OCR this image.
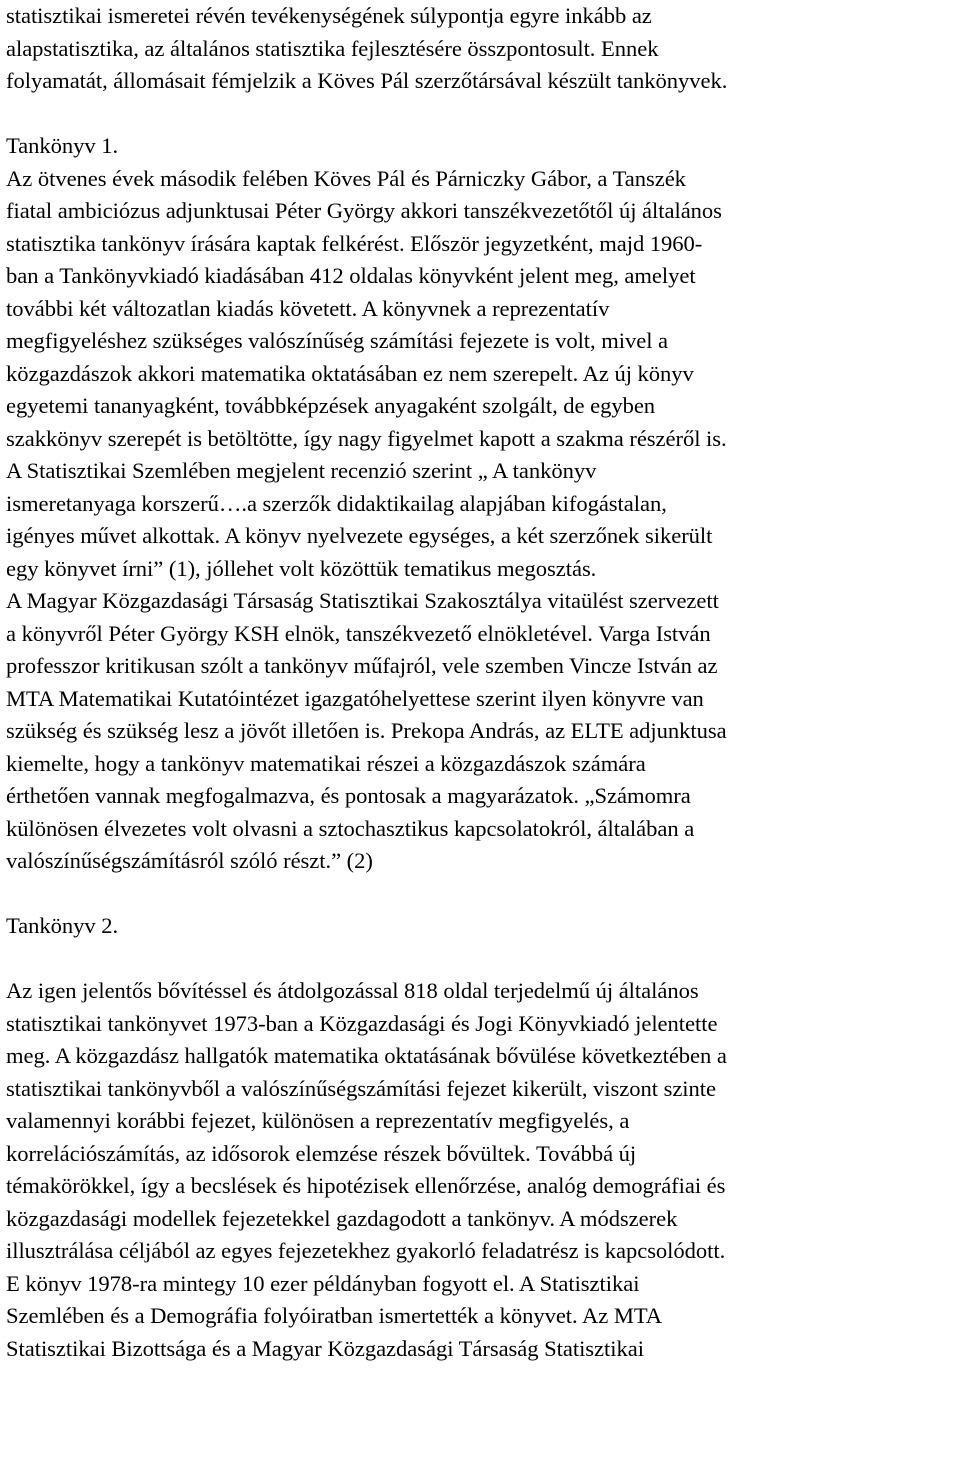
statisztikai ismeretei révén tevékenységének súlypontja egyre inkább az
alapstatisztika, az általános statisztika fejlesztésére összpontosult. Ennek
folyamatát, állomásait fémjelzik a Köves Pál szerzőtársával készült tankönyvek.
Tankönyv 1.
Az ötvenes évek második felében Köves Pál és Párniczky Gábor, a Tanszék
fiatal ambiciózus adjunktusai Péter György akkori tanszékvezetőtől új általános
statisztika tankönyv írására kaptak felkérést. Először jegyzetként, majd 1960-
ban a Tankönyvkiadó kiadásában 412 oldalas könyvként jelent meg, amelyet
további két változatlan kiadás követett. A könyvnek a reprezentatív
megfigyeléshez szükséges valószínűség számítási fejezete is volt, mivel a
közgazdászok akkori matematika oktatásában ez nem szerepelt. Az új könyv
egyetemi tananyagként, továbbképzések anyagaként szolgált, de egyben
szakkönyv szerepét is betöltötte, így nagy figyelmet kapott a szakma részéről is.
A Statisztikai Szemlében megjelent recenzió szerint „ A tankönyv
ismeretanyaga korszerű….a szerzők didaktikailag alapjában kifogástalan,
igényes művet alkottak. A könyv nyelvezete egységes, a két szerzőnek sikerült
egy könyvet írni” (1), jóllehet volt közöttük tematikus megosztás.
A Magyar Közgazdasági Társaság Statisztikai Szakosztálya vitaülést szervezett
a könyvről Péter György KSH elnök, tanszékvezető elnökletével. Varga István
professzor kritikusan szólt a tankönyv műfajról, vele szemben Vincze István az
MTA Matematikai Kutatóintézet igazgatóhelyettese szerint ilyen könyvre van
szükség és szükség lesz a jövőt illetően is. Prekopa András, az ELTE adjunktusa
kiemelte, hogy a tankönyv matematikai részei a közgazdászok számára
érthetően vannak megfogalmazva, és pontosak a magyarázatok. „Számomra
különösen élvezetes volt olvasni a sztochasztikus kapcsolatokról, általában a
valószínűségszámításról szóló részt.” (2)
Tankönyv 2.
Az igen jelentős bővítéssel és átdolgozással 818 oldal terjedelmű új általános
statisztikai tankönyvet 1973-ban a Közgazdasági és Jogi Könyvkiadó jelentette
meg. A közgazdász hallgatók matematika oktatásának bővülése következtében a
statisztikai tankönyvből a valószínűségszámítási fejezet kikerült, viszont szinte
valamennyi korábbi fejezet, különösen a reprezentatív megfigyelés, a
korrelációszámítás, az idősorok elemzése részek bővültek. Továbbá új
témakörökkel, így a becslések és hipotézisek ellenőrzése, analóg demográfiai és
közgazdasági modellek fejezetekkel gazdagodott a tankönyv. A módszerek
illusztrálása céljából az egyes fejezetekhez gyakorló feladatrész is kapcsolódott.
E könyv 1978-ra mintegy 10 ezer példányban fogyott el. A Statisztikai
Szemlében és a Demográfia folyóiratban ismertették a könyvet. Az MTA
Statisztikai Bizottsága és a Magyar Közgazdasági Társaság Statisztikai
